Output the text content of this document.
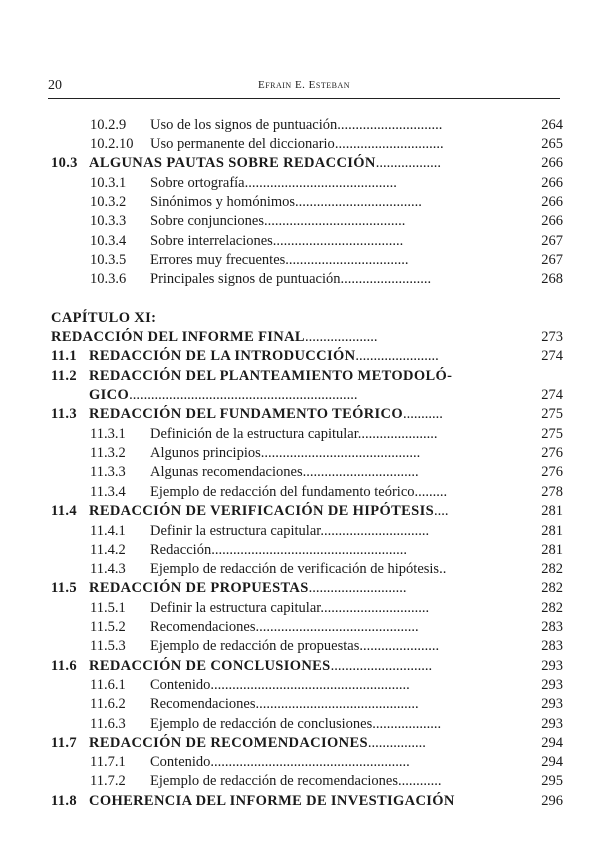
20	Efrain E. Esteban
10.2.9 Uso de los signos de puntuación.............................	264
10.2.10 Uso permanente del diccionario..............................	265
10.3 ALGUNAS PAUTAS SOBRE REDACCIÓN..................	266
10.3.1 Sobre ortografía..........................................	266
10.3.2 Sinónimos y homónimos...................................	266
10.3.3 Sobre conjunciones.......................................	266
10.3.4 Sobre interrelaciones....................................	267
10.3.5 Errores muy frecuentes..................................	267
10.3.6 Principales signos de puntuación.........................	268
CAPÍTULO XI:
REDACCIÓN DEL INFORME FINAL....................	273
11.1 REDACCIÓN DE LA INTRODUCCIÓN.......................	274
11.2 REDACCIÓN DEL PLANTEAMIENTO METODOLÓ-
GICO...............................................................	274
11.3 REDACCIÓN DEL FUNDAMENTO TEÓRICO...........	275
11.3.1 Definición de la estructura capitular......................	275
11.3.2 Algunos principios............................................	276
11.3.3 Algunas recomendaciones................................	276
11.3.4 Ejemplo de redacción del fundamento teórico.........	278
11.4 REDACCIÓN DE VERIFICACIÓN DE HIPÓTESIS....	281
11.4.1 Definir la estructura capitular..............................	281
11.4.2 Redacción......................................................	281
11.4.3 Ejemplo de redacción de verificación de hipótesis..	282
11.5 REDACCIÓN DE PROPUESTAS...........................	282
11.5.1 Definir la estructura capitular..............................	282
11.5.2 Recomendaciones.............................................	283
11.5.3 Ejemplo de redacción de propuestas......................	283
11.6 REDACCIÓN DE CONCLUSIONES............................	293
11.6.1 Contenido.......................................................	293
11.6.2 Recomendaciones.............................................	293
11.6.3 Ejemplo de redacción de conclusiones...................	293
11.7 REDACCIÓN DE RECOMENDACIONES................	294
11.7.1 Contenido.......................................................	294
11.7.2 Ejemplo de redacción de recomendaciones............	295
11.8 COHERENCIA DEL INFORME DE INVESTIGACIÓN	296
